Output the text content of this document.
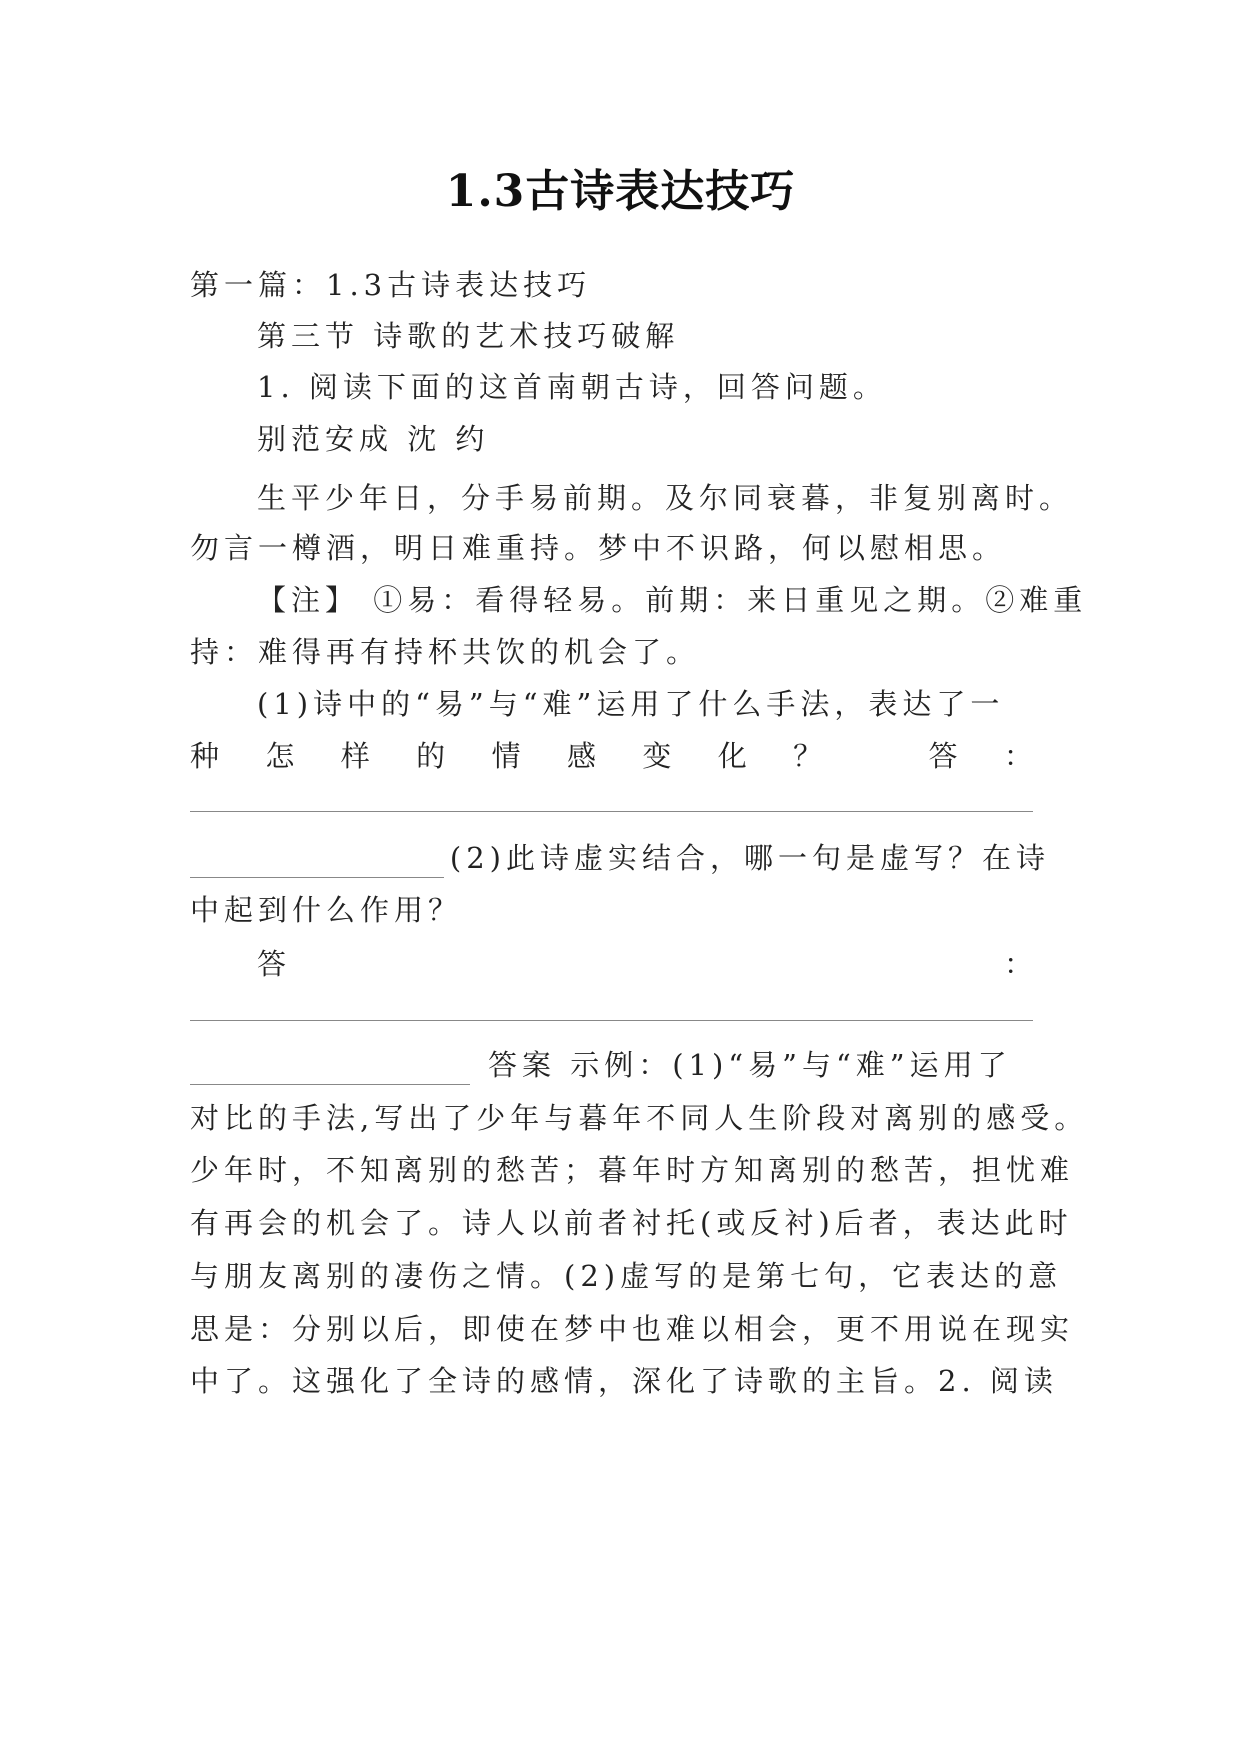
1.3古诗表达技巧
第一篇：1.3古诗表达技巧
第三节 诗歌的艺术技巧破解
1. 阅读下面的这首南朝古诗，回答问题。
别范安成 沈 约
生平少年日，分手易前期。及尔同衰暮，非复别离时。
勿言一樽酒，明日难重持。梦中不识路，何以慰相思。
【注】 ①易：看得轻易。前期：来日重见之期。②难重
持：难得再有持杯共饮的机会了。
(1)诗中的“易”与“难”运用了什么手法，表达了一
种 怎 样 的 情 感 变 化 ？	答 ：
(2)此诗虚实结合，哪一句是虚写？在诗
中起到什么作用？
答	：
答案 示例：(1)“易”与“难”运用了
对比的手法,写出了少年与暮年不同人生阶段对离别的感受。
少年时，不知离别的愁苦；暮年时方知离别的愁苦，担忧难
有再会的机会了。诗人以前者衬托(或反衬)后者，表达此时
与朋友离别的凄伤之情。(2)虚写的是第七句，它表达的意
思是：分别以后，即使在梦中也难以相会，更不用说在现实
中了。这强化了全诗的感情，深化了诗歌的主旨。2. 阅读
